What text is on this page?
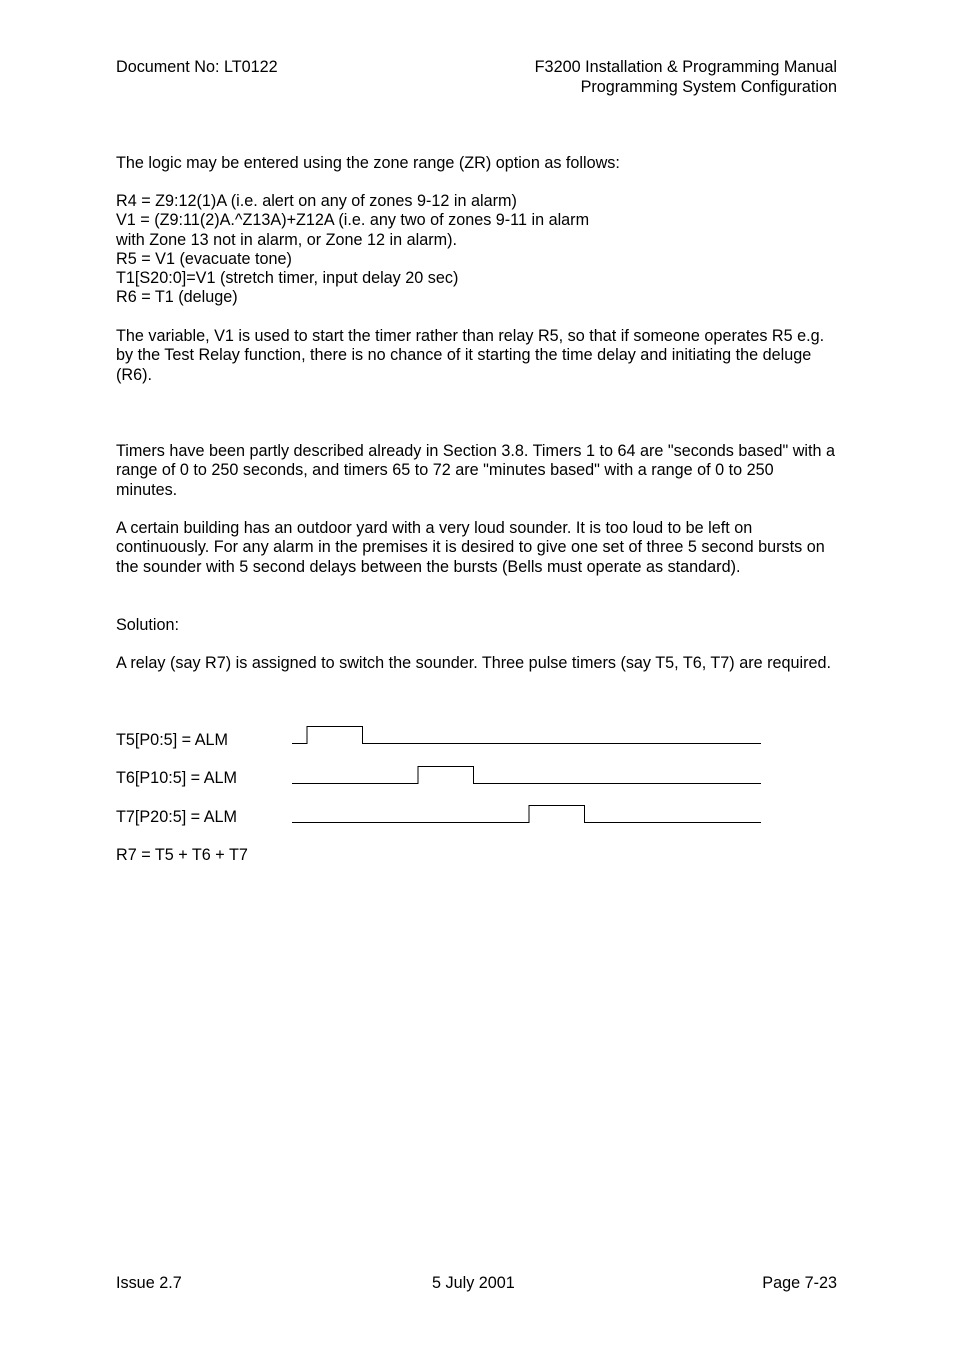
Document No: LT0122	F3200 Installation & Programming Manual
Programming System Configuration
The logic may be entered using the zone range (ZR) option as follows:
R4 = Z9:12(1)A (i.e. alert on any of zones 9-12 in alarm)
V1 = (Z9:11(2)A.^Z13A)+Z12A (i.e. any two of zones 9-11 in alarm
with Zone 13 not in alarm, or Zone 12 in alarm).
R5 = V1 (evacuate tone)
T1[S20:0]=V1 (stretch timer, input delay 20 sec)
R6 = T1 (deluge)
The variable, V1 is used to start the timer rather than relay R5, so that if someone operates R5 e.g. by the Test Relay function, there is no chance of it starting the time delay and initiating the deluge (R6).
Timers have been partly described already in Section 3.8. Timers 1 to 64 are "seconds based" with a range of 0 to 250 seconds, and timers 65 to 72 are "minutes based" with a range of 0 to 250 minutes.
A certain building has an outdoor yard with a very loud sounder. It is too loud to be left on continuously. For any alarm in the premises it is desired to give one set of three 5 second bursts on the sounder with 5 second delays between the bursts (Bells must operate as standard).
Solution:
A relay (say R7) is assigned to switch the sounder. Three pulse timers (say T5, T6, T7) are required.
T5[P0:5] = ALM
T6[P10:5] = ALM
T7[P20:5] = ALM
R7 = T5 + T6 + T7
Issue 2.7	5 July 2001	Page 7-23
